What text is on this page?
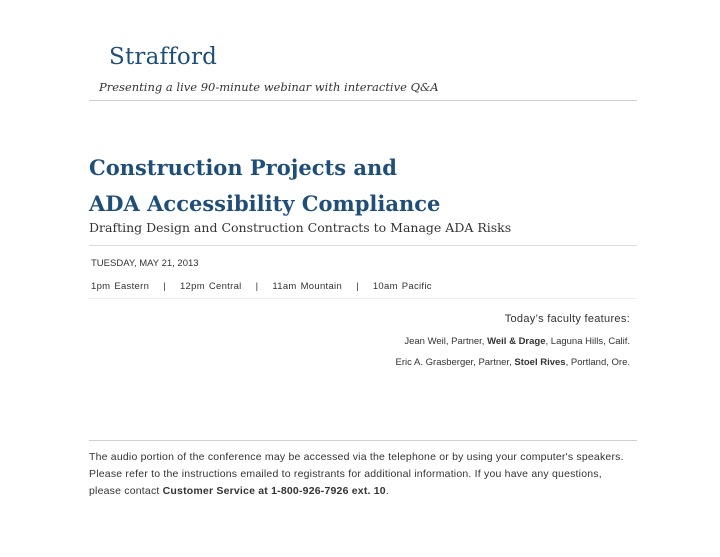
Strafford
Presenting a live 90-minute webinar with interactive Q&A
Construction Projects and
ADA Accessibility Compliance
Drafting Design and Construction Contracts to Manage ADA Risks
TUESDAY, MAY 21, 2013
1pm Eastern | 12pm Central | 11am Mountain | 10am Pacific
Today’s faculty features:
Jean Weil, Partner, Weil & Drage, Laguna Hills, Calif.
Eric A. Grasberger, Partner, Stoel Rives, Portland, Ore.
The audio portion of the conference may be accessed via the telephone or by using your computer's speakers. Please refer to the instructions emailed to registrants for additional information. If you have any questions, please contact Customer Service at 1-800-926-7926 ext. 10.
